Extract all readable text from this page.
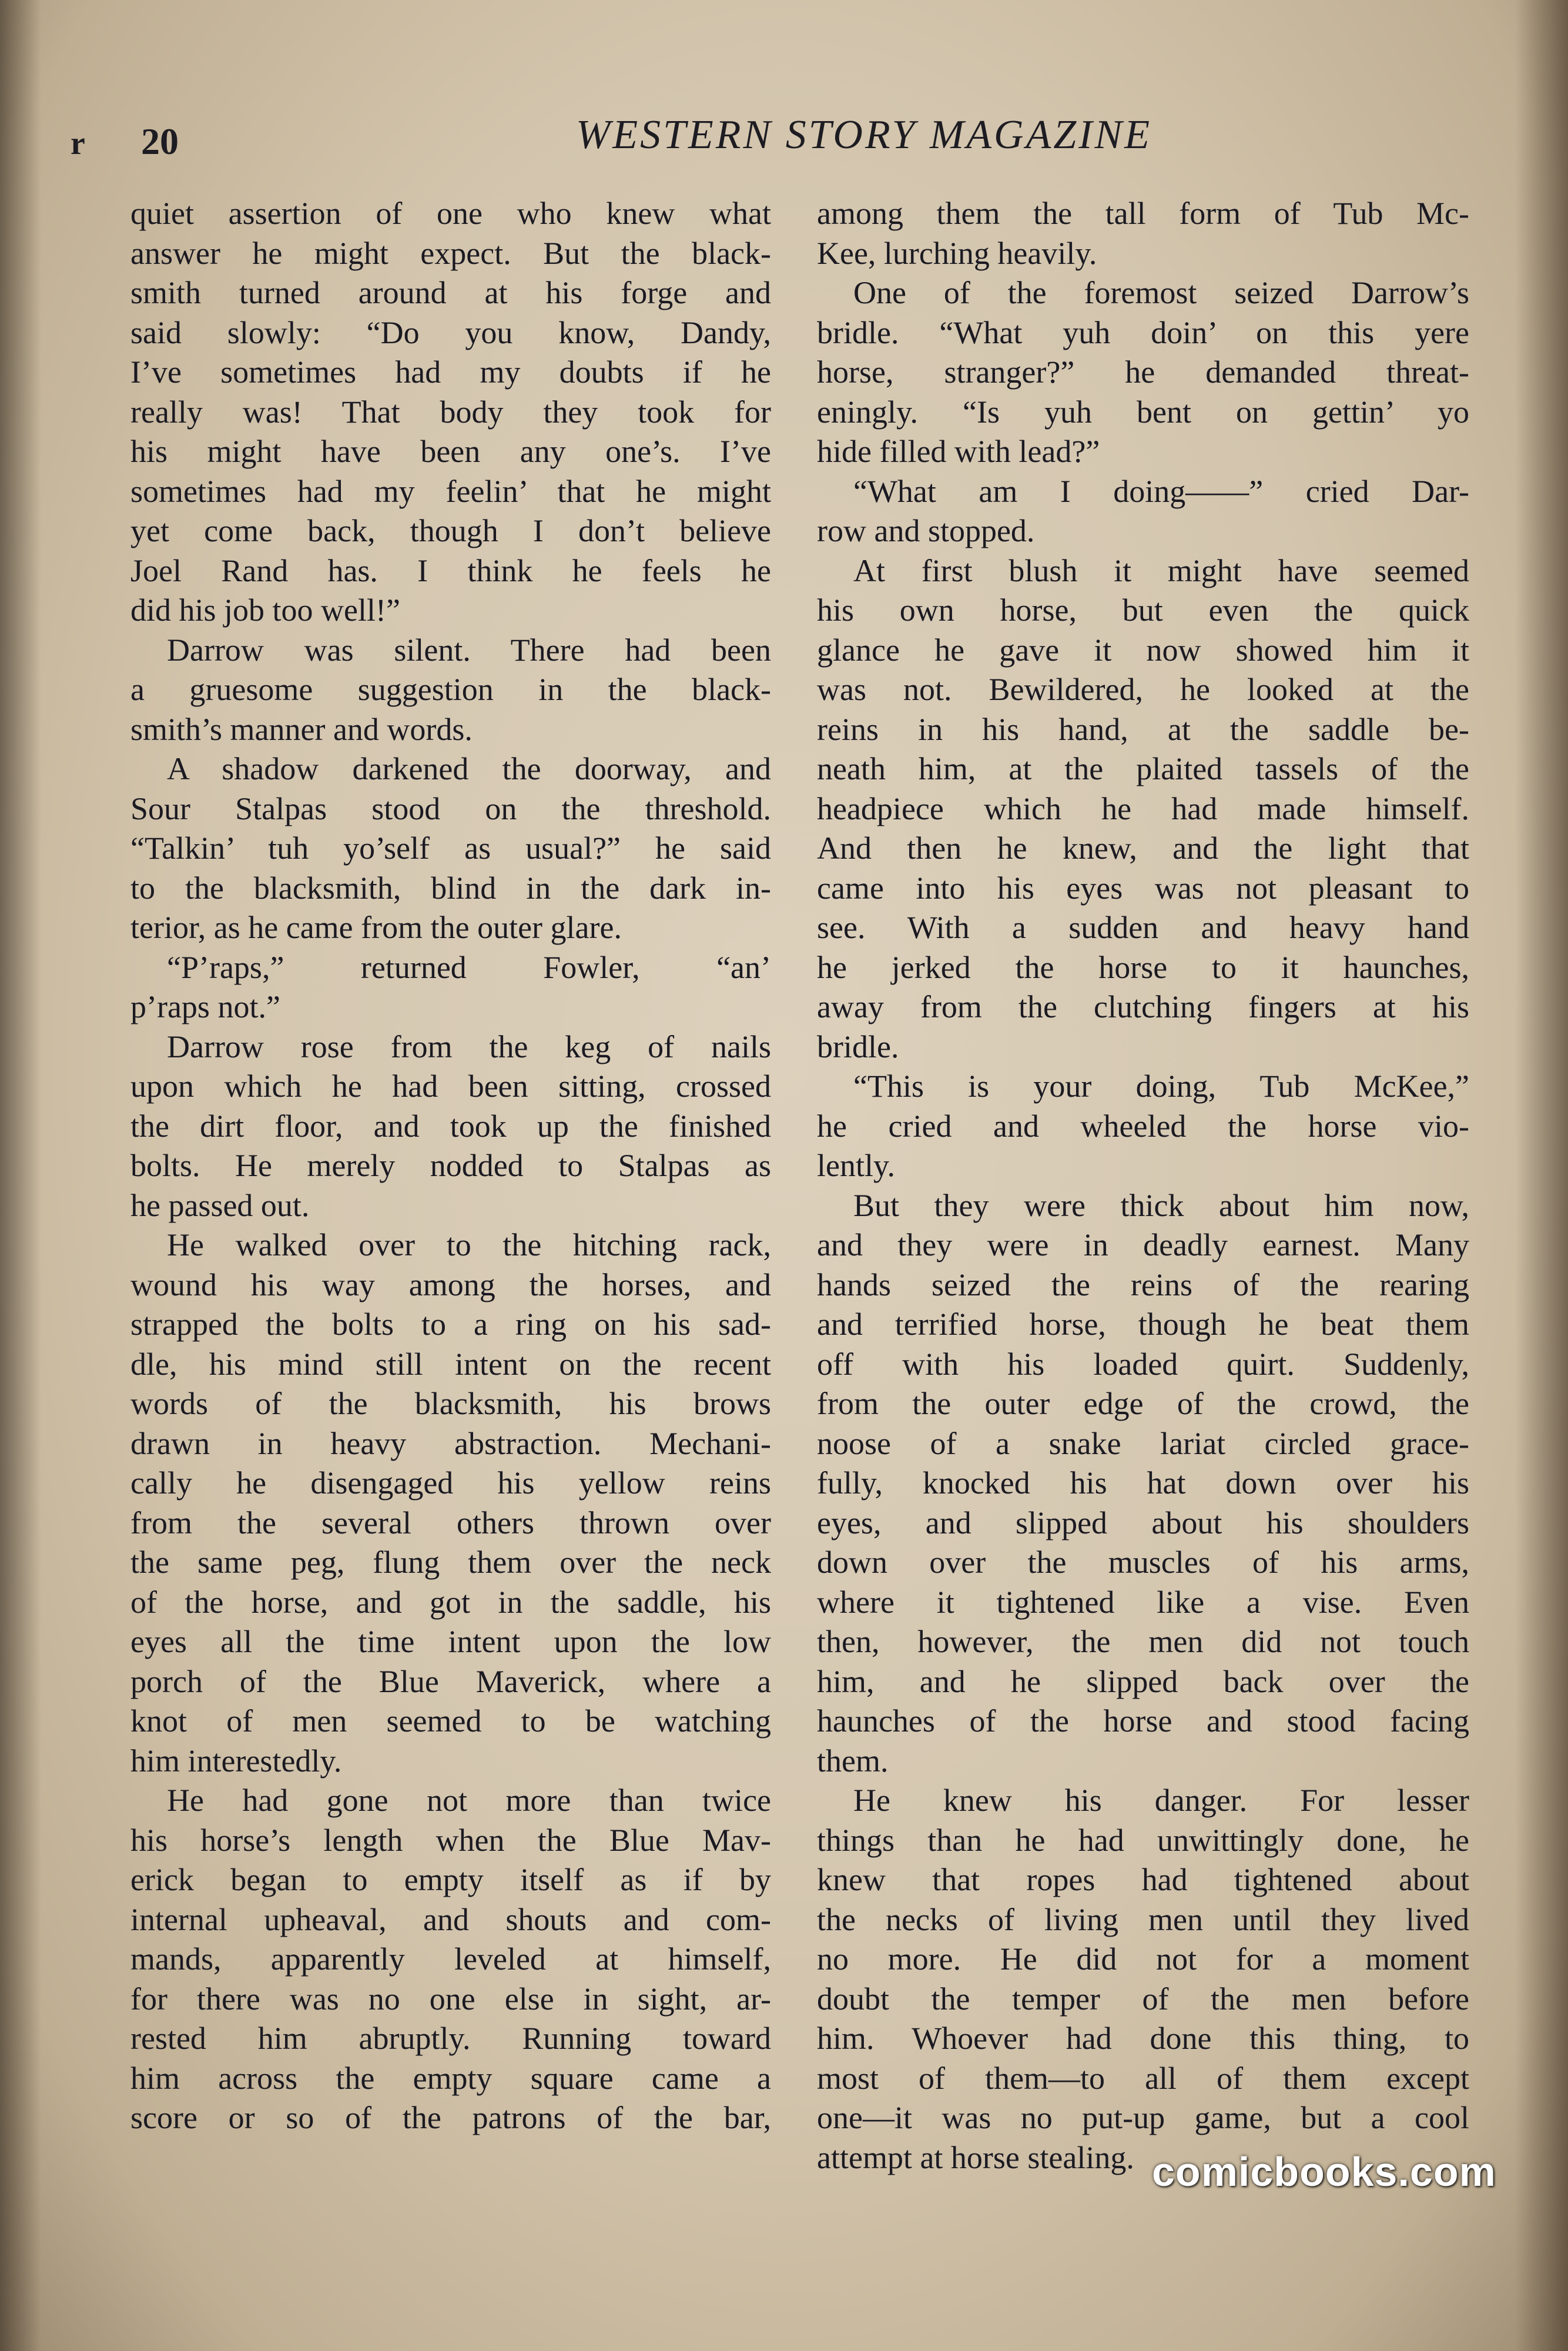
r 20	WESTERN STORY MAGAZINE
quiet assertion of one who knew what
answer he might expect. But the black-
smith turned around at his forge and
said slowly: “Do you know, Dandy,
I’ve sometimes had my doubts if he
really was! That body they took for
his might have been any one’s. I’ve
sometimes had my feelin’ that he might
yet come back, though I don’t believe
Joel Rand has. I think he feels he
did his job too well!”
Darrow was silent. There had been
a gruesome suggestion in the black-
smith’s manner and words.
A shadow darkened the doorway, and
Sour Stalpas stood on the threshold.
“Talkin’ tuh yo’self as usual?” he said
to the blacksmith, blind in the dark in-
terior, as he came from the outer glare.
“P’raps,” returned Fowler, “an’
p’raps not.”
Darrow rose from the keg of nails
upon which he had been sitting, crossed
the dirt floor, and took up the finished
bolts. He merely nodded to Stalpas as
he passed out.
He walked over to the hitching rack,
wound his way among the horses, and
strapped the bolts to a ring on his sad-
dle, his mind still intent on the recent
words of the blacksmith, his brows
drawn in heavy abstraction. Mechani-
cally he disengaged his yellow reins
from the several others thrown over
the same peg, flung them over the neck
of the horse, and got in the saddle, his
eyes all the time intent upon the low
porch of the Blue Maverick, where a
knot of men seemed to be watching
him interestedly.
He had gone not more than twice
his horse’s length when the Blue Mav-
erick began to empty itself as if by
internal upheaval, and shouts and com-
mands, apparently leveled at himself,
for there was no one else in sight, ar-
rested him abruptly. Running toward
him across the empty square came a
score or so of the patrons of the bar,
among them the tall form of Tub Mc-
Kee, lurching heavily.
One of the foremost seized Darrow’s
bridle. “What yuh doin’ on this yere
horse, stranger?” he demanded threat-
eningly. “Is yuh bent on gettin’ yo
hide filled with lead?”
“What am I doing——” cried Dar-
row and stopped.
At first blush it might have seemed
his own horse, but even the quick
glance he gave it now showed him it
was not. Bewildered, he looked at the
reins in his hand, at the saddle be-
neath him, at the plaited tassels of the
headpiece which he had made himself.
And then he knew, and the light that
came into his eyes was not pleasant to
see. With a sudden and heavy hand
he jerked the horse to it haunches,
away from the clutching fingers at his
bridle.
“This is your doing, Tub McKee,”
he cried and wheeled the horse vio-
lently.
But they were thick about him now,
and they were in deadly earnest. Many
hands seized the reins of the rearing
and terrified horse, though he beat them
off with his loaded quirt. Suddenly,
from the outer edge of the crowd, the
noose of a snake lariat circled grace-
fully, knocked his hat down over his
eyes, and slipped about his shoulders
down over the muscles of his arms,
where it tightened like a vise. Even
then, however, the men did not touch
him, and he slipped back over the
haunches of the horse and stood facing
them.
He knew his danger. For lesser
things than he had unwittingly done, he
knew that ropes had tightened about
the necks of living men until they lived
no more. He did not for a moment
doubt the temper of the men before
him. Whoever had done this thing, to
most of them—to all of them except
one—it was no put-up game, but a cool
attempt at horse stealing. comicbooks.com
